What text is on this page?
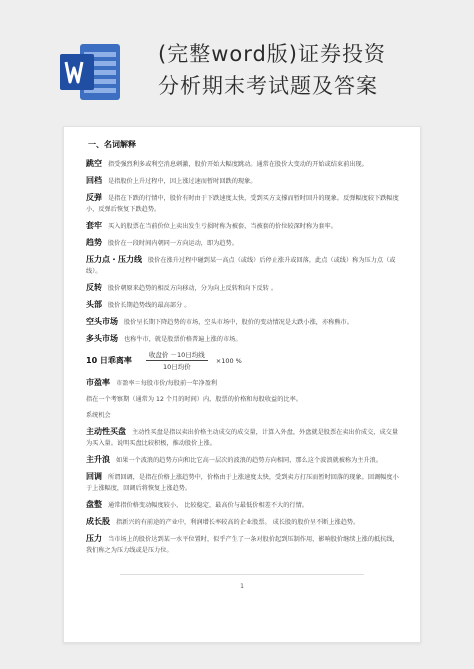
(完整word版)证券投资
分析期末考试题及答案
一、名词解释
跳空 指受强烈利多或利空消息刺激，股价开始大幅度跳动。通常在股价大变动的开始或结束前出现。
回档 是指股价上升过程中，因上涨过速而暂时回跌的现象。
反弹 是指在下跌的行情中，股价有时由于下跌速度太快，受到买方支撑而暂时回升的现象。反弹幅度较下跌幅度小，反弹后恢复下跌趋势。
套牢 买入的股票在当前价位上卖出发生亏损时称为被套，当被套的价位较深时称为套牢。
趋势 股价在一段时间内朝同一方向运动，即为趋势。
压力点・压力线 股价在涨升过程中碰到某一高点（或线）后停止涨升或回落，此点（或线）称为压力点（或线）。
反转 股价朝原来趋势的相反方向移动，分为向上反转和向下反转 。
头部 股价长期趋势线的最高部分 。
空头市场 股价呈长期下降趋势的市场，空头市场中，股价的变动情况是大跌小涨，亦称熊市。
多头市场 也称牛市，就是股票价格普遍上涨的市场。
10 日乖离率 $\frac{\text{收盘价 －10日均线}}{\text{10日均价}} \times 100$ %
市盈率 市盈率＝每股市价/每股前一年净盈利
指在一个考察期（通常为 12 个月的时间）内，股票的价格和每股收益的比率。
系统机会
主动性买盘 主动性买盘是指以卖出价格主动成交的成交量，计算入外盘，外盘就是股票在卖出价成交，成交量为买入量。说明买盘比较积极，推动股价上涨。
主升浪 如果一个波浪的趋势方向和比它高一层次的波浪的趋势方向相同，那么这个波浪就被称为主升浪。
回调 所谓回调，是指在价格上涨趋势中，价格由于上涨速度太快，受到卖方打压而暂时回落的现象。回调幅度小于上涨幅度，回调后将恢复上涨趋势。
盘整 通常指价格变动幅度较小、 比较稳定，最高价与最低价相差不大的行情。
成长股 指新兴的有前途的产业中，利润增长率较高的企业股票。 成长股的股价呈不断上涨趋势。
压力 当市场上的股价达到某一水平位置时，似乎产生了一条对股价起到压制作用，影响股价继续上涨的抵抗线， 我们称之为压力线或是压力位。
1
